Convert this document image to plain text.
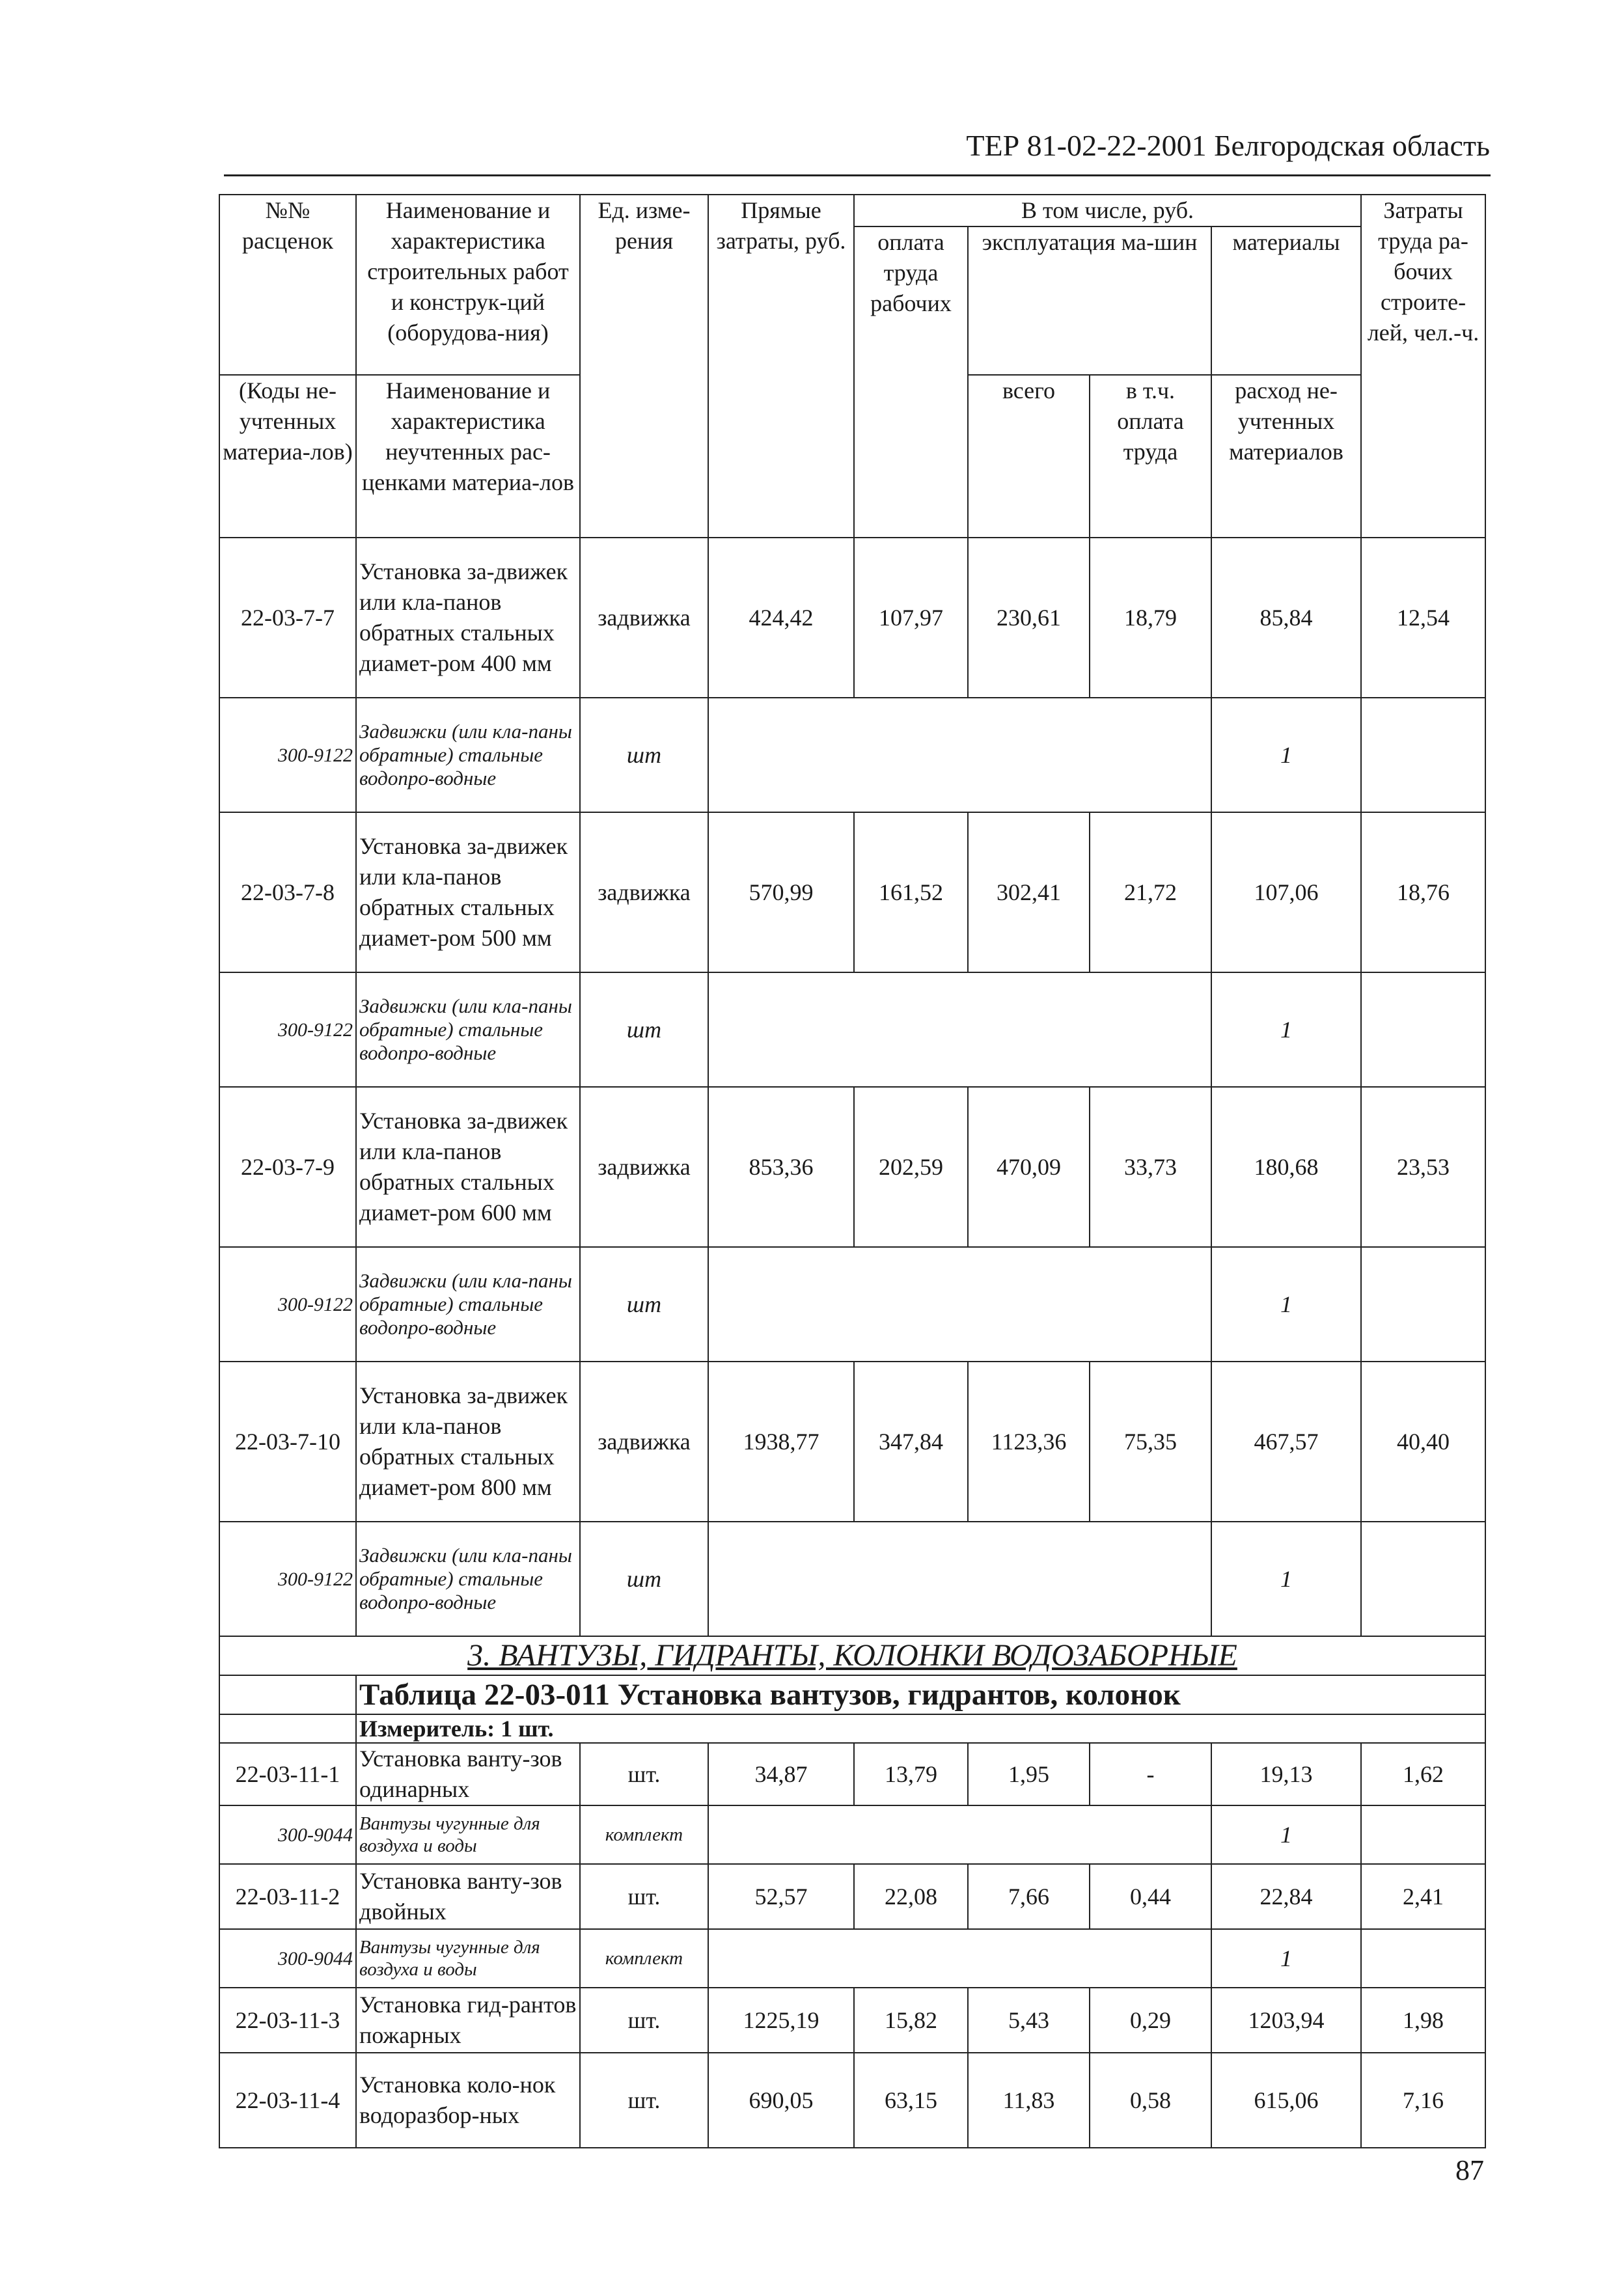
ТЕР 81-02-22-2001 Белгородская область
№№
расценок	Наименование и характеристика строительных работ и конструк-ций (оборудова-ния)	Ед. изме-рения	Прямые затраты, руб.	В том числе, руб.				Затраты труда ра-бочих строите-лей, чел.-ч.
				оплата труда рабочих	эксплуатация ма-шин		материалы	
(Коды не-учтенных материа-лов)	Наименование и характеристика неучтенных рас-ценками материа-лов				всего	в т.ч. оплата труда	расход не-учтенных материалов	
22-03-7-7	Установка за-движек или кла-панов обратных стальных диамет-ром 400 мм	задвижка	424,42	107,97	230,61	18,79	85,84	12,54
300-9122	Задвижки (или кла-паны обратные) стальные водопро-водные	шт					1	
22-03-7-8	Установка за-движек или кла-панов обратных стальных диамет-ром 500 мм	задвижка	570,99	161,52	302,41	21,72	107,06	18,76
300-9122	Задвижки (или кла-паны обратные) стальные водопро-водные	шт					1	
22-03-7-9	Установка за-движек или кла-панов обратных стальных диамет-ром 600 мм	задвижка	853,36	202,59	470,09	33,73	180,68	23,53
300-9122	Задвижки (или кла-паны обратные) стальные водопро-водные	шт					1	
22-03-7-10	Установка за-движек или кла-панов обратных стальных диамет-ром 800 мм	задвижка	1938,77	347,84	1123,36	75,35	467,57	40,40
300-9122	Задвижки (или кла-паны обратные) стальные водопро-водные	шт					1	
3. ВАНТУЗЫ, ГИДРАНТЫ, КОЛОНКИ ВОДОЗАБОРНЫЕ								
	Таблица 22-03-011 Установка вантузов, гидрантов, колонок							
	Измеритель: 1 шт.							
22-03-11-1	Установка ванту-зов одинарных	шт.	34,87	13,79	1,95	-	19,13	1,62
300-9044	Вантузы чугунные для воздуха и воды	комплект					1	
22-03-11-2	Установка ванту-зов двойных	шт.	52,57	22,08	7,66	0,44	22,84	2,41
300-9044	Вантузы чугунные для воздуха и воды	комплект					1	
22-03-11-3	Установка гид-рантов пожарных	шт.	1225,19	15,82	5,43	0,29	1203,94	1,98
22-03-11-4	Установка коло-нок водоразбор-ных	шт.	690,05	63,15	11,83	0,58	615,06	7,16
87
